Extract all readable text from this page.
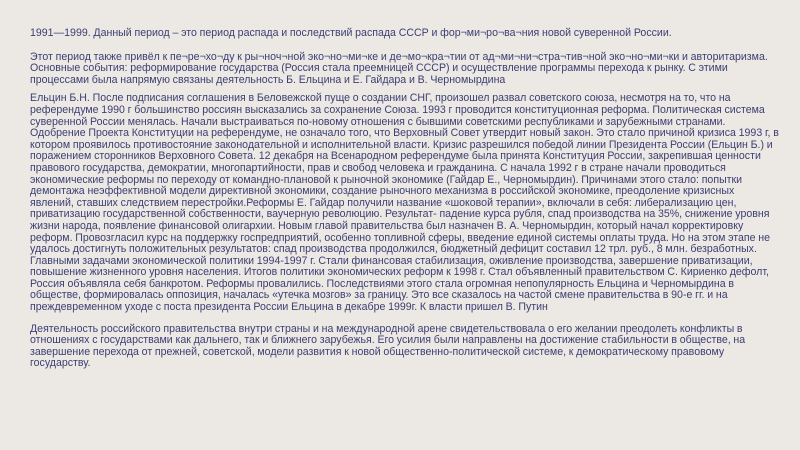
1991—1999. Данный период – это период распада и последствий распада СССР и фор¬ми¬ро¬ва¬ния новой суверенной России.

Этот период также привёл к пе¬ре¬хо¬ду к ры¬ноч¬ной эко¬но¬ми¬ке и де¬мо¬кра¬тии от ад¬ми¬ни¬стра¬тив¬ной эко¬но¬ми¬ки и авторитаризма. Основные события: реформирование государства (Россия стала преемницей СССР) и осуществление программы перехода к рынку. С этими процессами была напрямую связаны деятельность Б. Ельцина и Е. Гайдара и В. Черномырдина

Ельцин Б.Н. После подписания соглашения в Беловежской пуще о создании СНГ, произошел развал советского союза, несмотря на то, что на референдуме 1990 г большинство россиян высказались за сохранение Союза. 1993 г проводится конституционная реформа. Политическая система суверенной России менялась. Начали выстраиваться по-новому отношения с бывшими советскими республиками и зарубежными странами. Одобрение Проекта Конституции на референдуме, не означало того, что Верховный Совет утвердит новый закон. Это стало причиной кризиса 1993 г, в котором проявилось противостояние законодательной и исполнительной власти. Кризис разрешился победой линии Президента России (Ельцин Б.) и поражением сторонников Верховного Совета. 12 декабря на Всенародном референдуме была принята Конституция России, закрепившая ценности правового государства, демократии, многопартийности, прав и свобод человека и гражданина. С начала 1992 г в стране начали проводиться экономические реформы по переходу от командно-плановой к рыночной экономике (Гайдар Е., Черномырдин). Причинами этого стало: попытки демонтажа неэффективной модели директивной экономики, создание рыночного механизма в российской экономике, преодоление кризисных явлений, ставших следствием перестройки.Реформы Е. Гайдар получили название «шоковой терапии», включали в себя: либерализацию цен, приватизацию государственной собственности, ваучерную революцию. Результат- падение курса рубля, спад производства на 35%, снижение уровня жизни народа, появление финансовой олигархии. Новым главой правительства был назначен В. А. Черномырдин, который начал корректировку реформ. Провозгласил курс на поддержку госпредприятий, особенно топливной сферы, введение единой системы оплаты труда. Но на этом этапе не удалось достигнуть положительных результатов: спад производства продолжился, бюджетный дефицит составил 12 трл. руб., 8 млн. безработных. Главными задачами экономической политики 1994-1997 г. Стали финансовая стабилизация, оживление производства, завершение приватизации, повышение жизненного уровня населения. Итогов политики экономических реформ к 1998 г. Стал объявленный правительством С. Кириенко дефолт, Россия объявляла себя банкротом. Реформы провалились. Последствиями этого стала огромная непопулярность Ельцина и Черномырдина в обществе, формировалась оппозиция, началась «утечка мозгов» за границу. Это все сказалось на частой смене правительства в 90-е гг. и на преждевременном уходе с поста президента России Ельцина в декабре 1999г. К власти пришел В. Путин

Деятельность российского правительства внутри страны и на международной арене свидетельствовала о его желании преодолеть конфликты в отношениях с государствами как дальнего, так и ближнего зарубежья. Его усилия были направлены на достижение стабильности в обществе, на завершение перехода от прежней, советской, модели развития к новой общественно-политической системе, к демократическому правовому государству.
